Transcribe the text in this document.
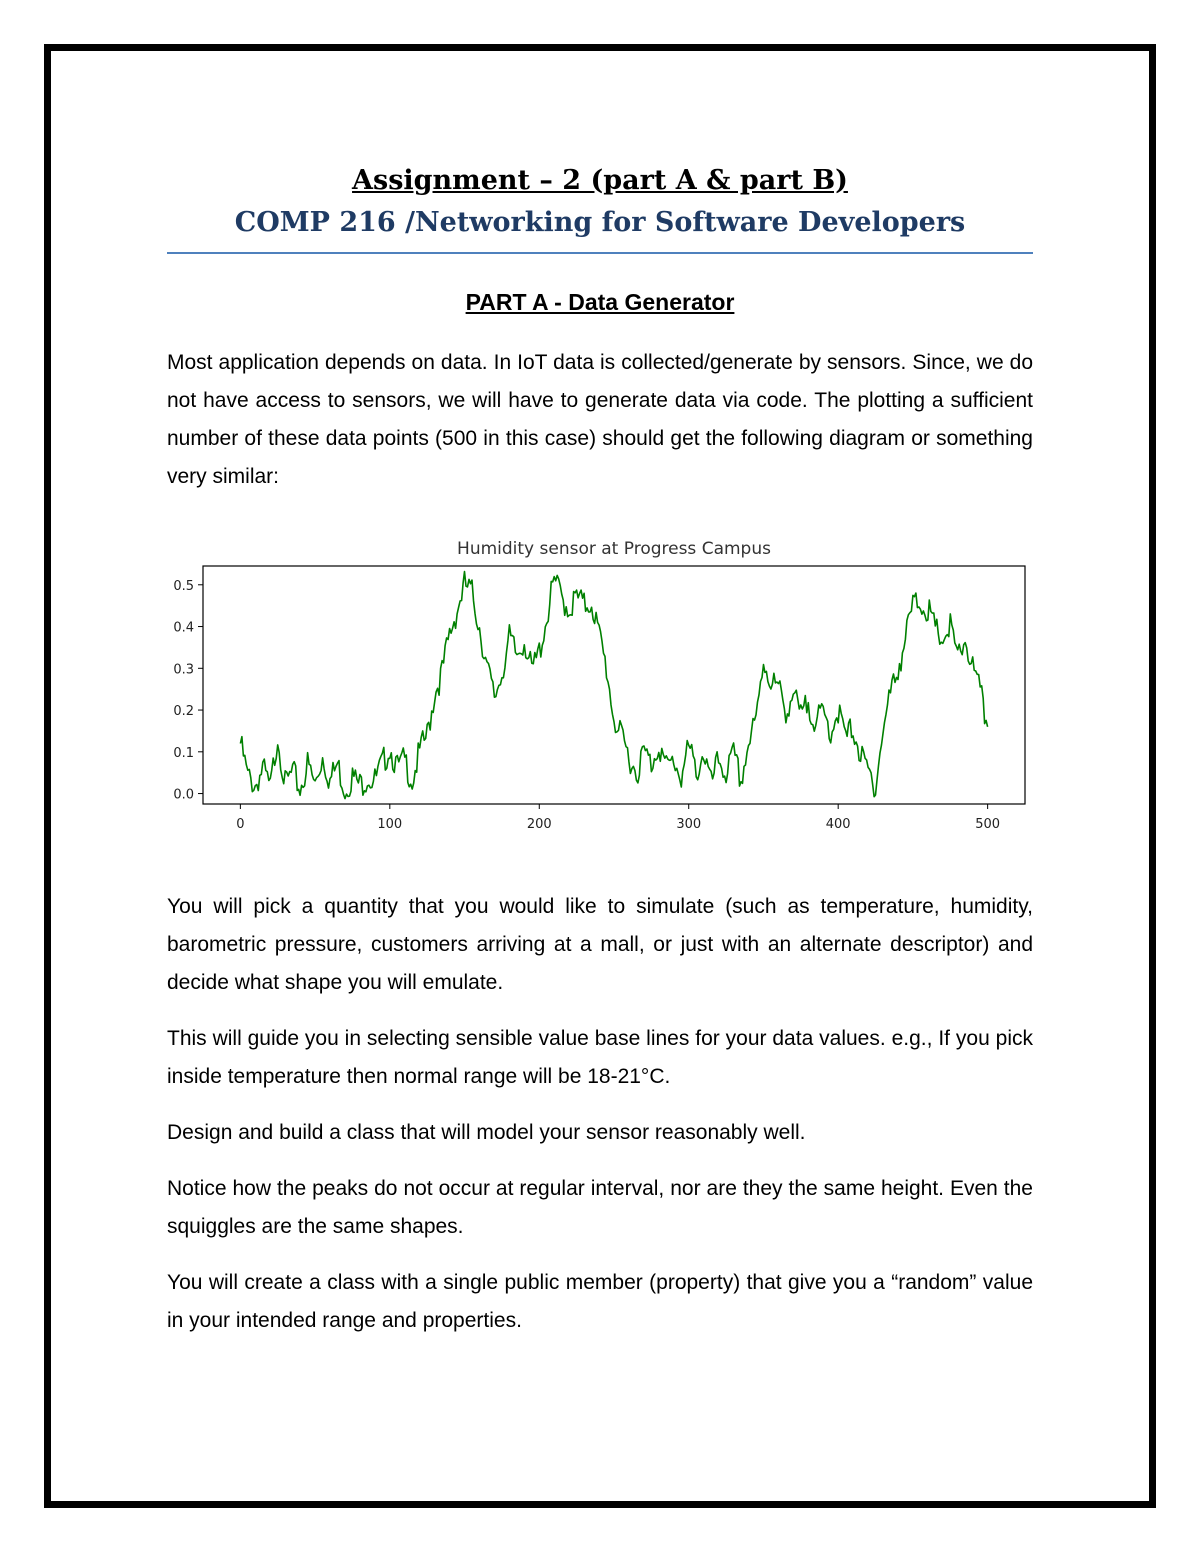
Assignment – 2 (part A & part B)
COMP 216 /Networking for Software Developers
PART A - Data Generator

Most application depends on data. In IoT data is collected/generate by sensors. Since, we do not have access to sensors, we will have to generate data via code. The plotting a sufficient number of these data points (500 in this case) should get the following diagram or something very similar:

Humidity sensor at Progress Campus
0.0
0.1
0.2
0.3
0.4
0.5
0	100	200	300	400	500

You will pick a quantity that you would like to simulate (such as temperature, humidity, barometric pressure, customers arriving at a mall, or just with an alternate descriptor) and decide what shape you will emulate.

This will guide you in selecting sensible value base lines for your data values. e.g., If you pick inside temperature then normal range will be 18-21°C.

Design and build a class that will model your sensor reasonably well.

Notice how the peaks do not occur at regular interval, nor are they the same height. Even the squiggles are the same shapes.

You will create a class with a single public member (property) that give you a “random” value in your intended range and properties.
